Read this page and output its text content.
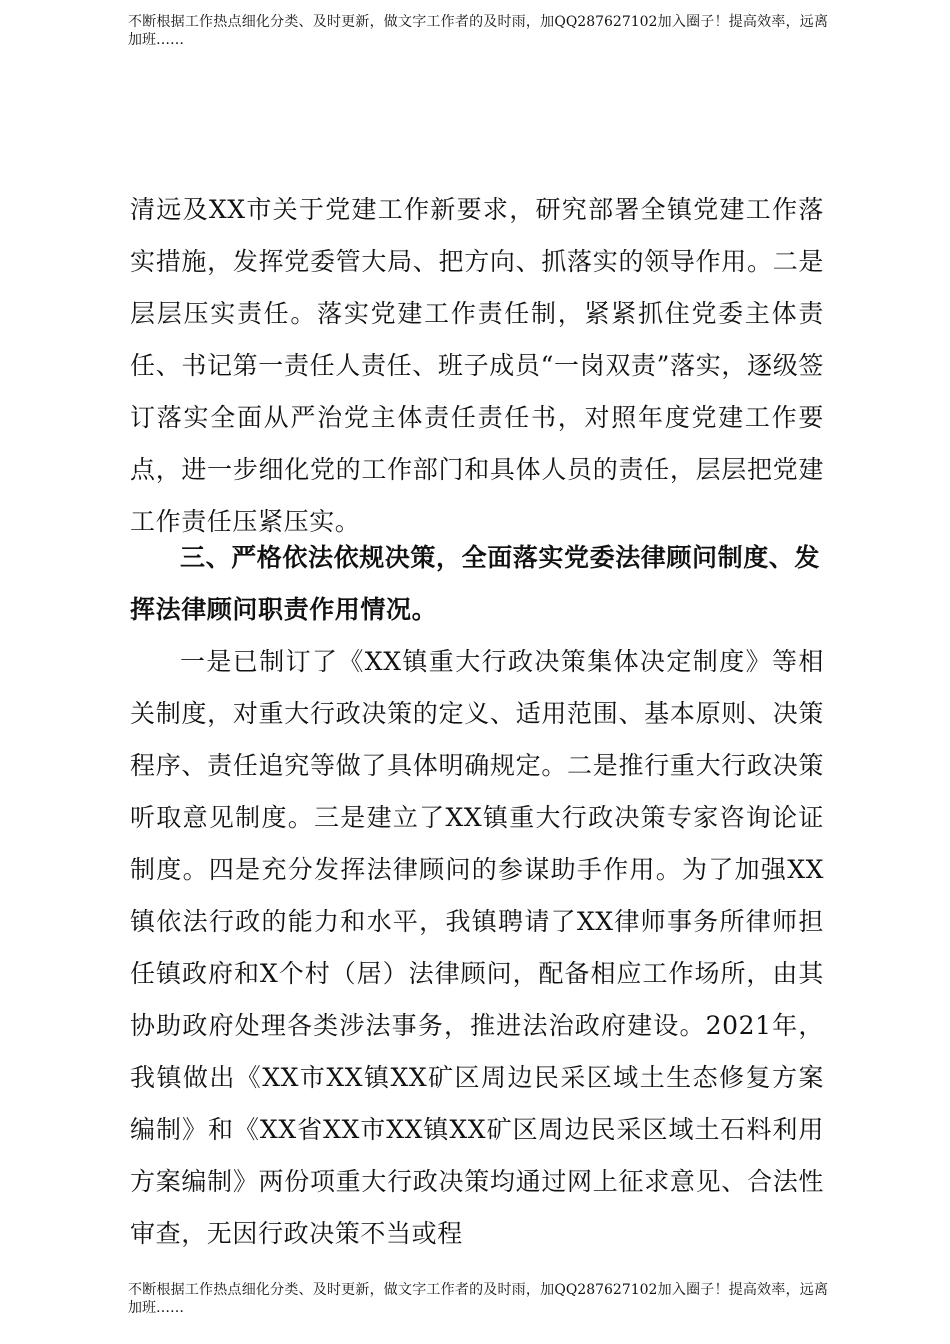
不断根据工作热点细化分类、及时更新，做文字工作者的及时雨，加QQ287627102加入圈子！提高效率，远离加班……

清远及XX市关于党建工作新要求，研究部署全镇党建工作落实措施，发挥党委管大局、把方向、抓落实的领导作用。二是层层压实责任。落实党建工作责任制，紧紧抓住党委主体责任、书记第一责任人责任、班子成员“一岗双责”落实，逐级签订落实全面从严治党主体责任责任书，对照年度党建工作要点，进一步细化党的工作部门和具体人员的责任，层层把党建工作责任压紧压实。

三、严格依法依规决策，全面落实党委法律顾问制度、发挥法律顾问职责作用情况。

一是已制订了《XX镇重大行政决策集体决定制度》等相关制度，对重大行政决策的定义、适用范围、基本原则、决策程序、责任追究等做了具体明确规定。二是推行重大行政决策听取意见制度。三是建立了XX镇重大行政决策专家咨询论证制度。四是充分发挥法律顾问的参谋助手作用。为了加强XX镇依法行政的能力和水平，我镇聘请了XX律师事务所律师担任镇政府和X个村（居）法律顾问，配备相应工作场所，由其协助政府处理各类涉法事务，推进法治政府建设。2021年，我镇做出《XX市XX镇XX矿区周边民采区域土生态修复方案编制》和《XX省XX市XX镇XX矿区周边民采区域土石料利用方案编制》两份项重大行政决策均通过网上征求意见、合法性审查，无因行政决策不当或程

不断根据工作热点细化分类、及时更新，做文字工作者的及时雨，加QQ287627102加入圈子！提高效率，远离加班……
